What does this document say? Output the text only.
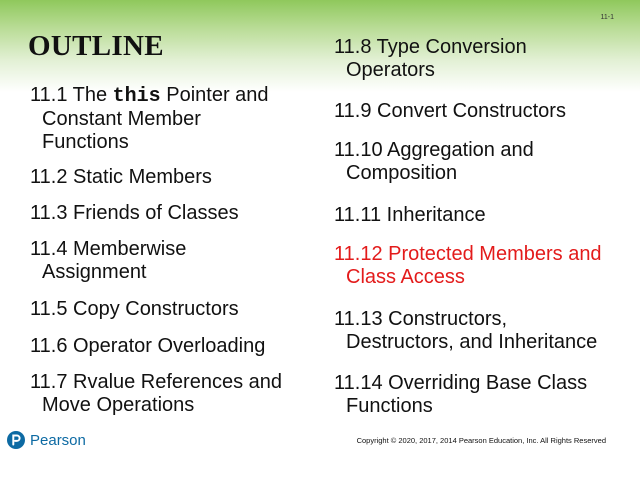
11-1
OUTLINE
11.1 The this Pointer and
Constant Member Functions
11.2 Static Members
11.3 Friends of Classes
11.4 Memberwise
Assignment
11.5 Copy Constructors
11.6 Operator Overloading
11.7 Rvalue References and
Move Operations
11.8 Type Conversion
Operators
11.9 Convert Constructors
11.10 Aggregation and
Composition
11.11 Inheritance
11.12 Protected Members and
Class Access
11.13 Constructors,
Destructors, and Inheritance
11.14 Overriding Base Class
Functions
Pearson	Copyright © 2020, 2017, 2014 Pearson Education, Inc. All Rights Reserved
